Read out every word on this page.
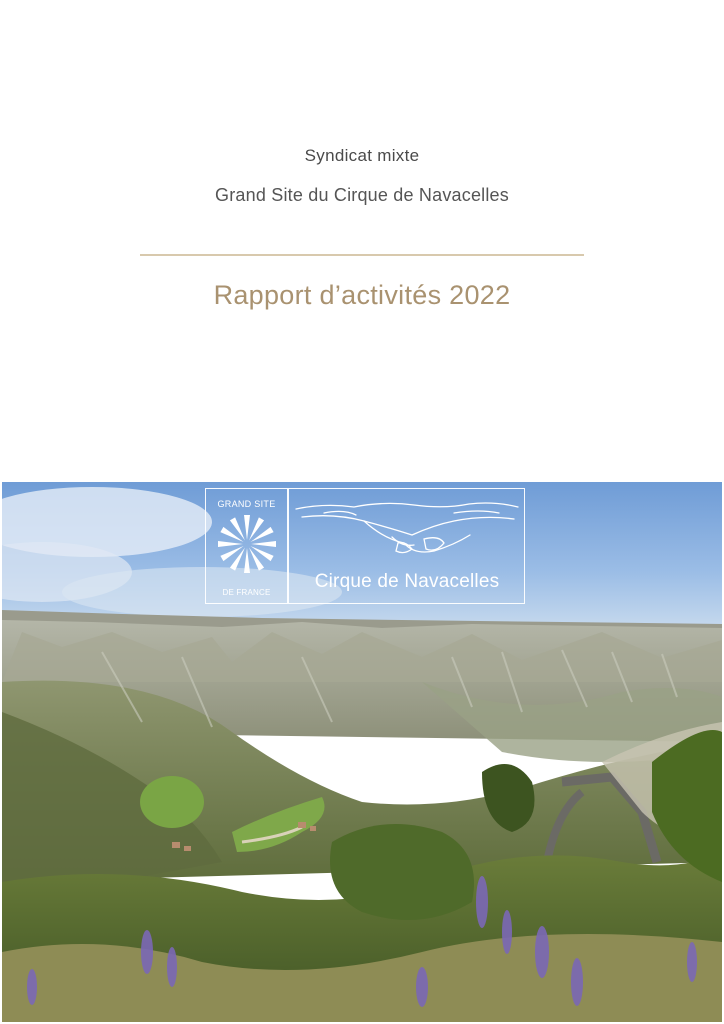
Syndicat mixte
Grand Site du Cirque de Navacelles
Rapport d’activités 2022
GRAND SITE
DE FRANCE
Cirque de Navacelles
